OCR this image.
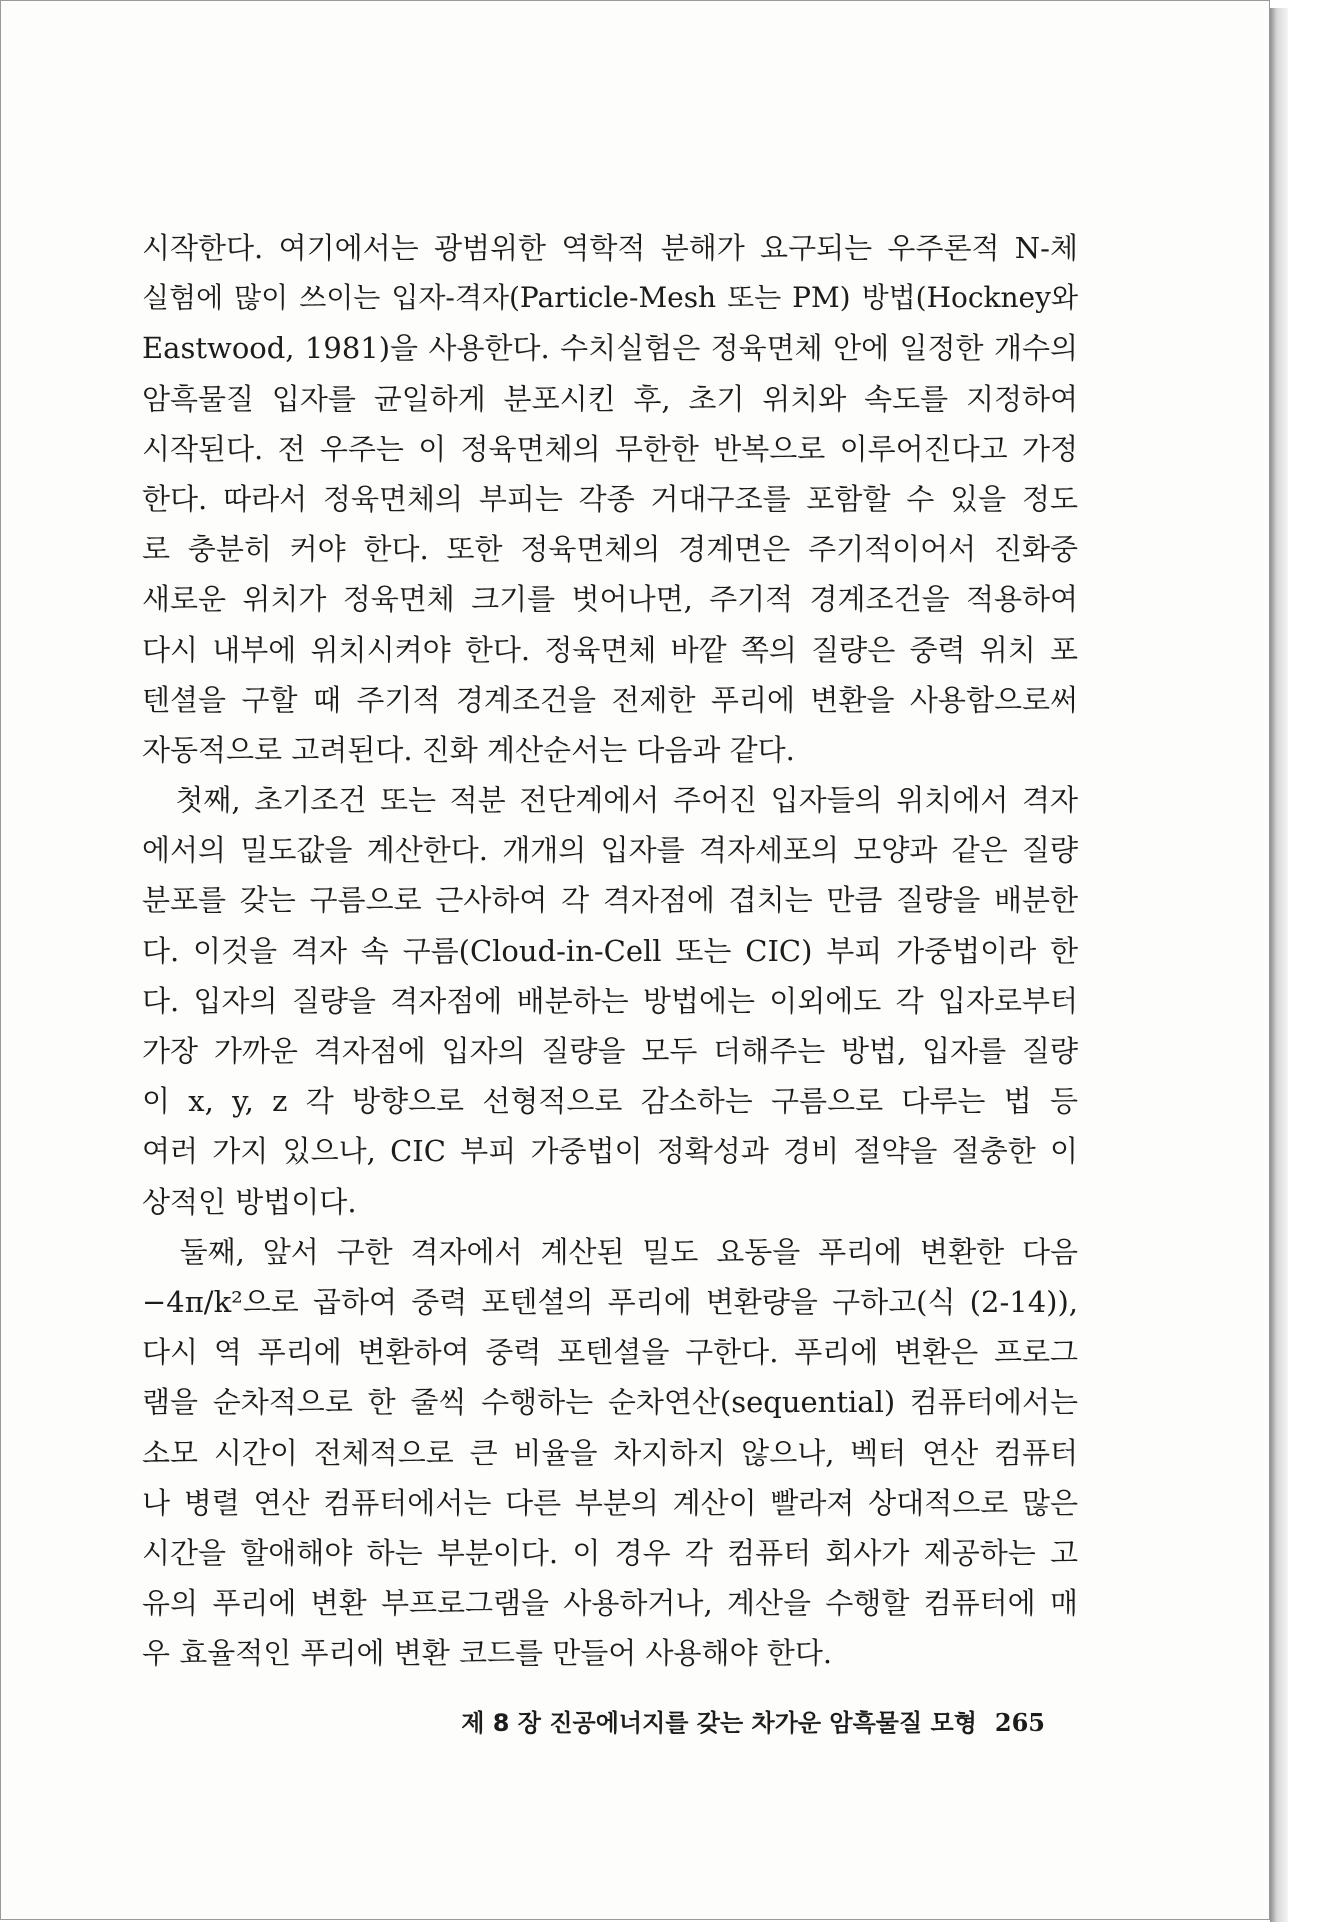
시작한다. 여기에서는 광범위한 역학적 분해가 요구되는 우주론적 N-체
실험에 많이 쓰이는 입자-격자(Particle-Mesh 또는 PM) 방법(Hockney와
Eastwood, 1981)을 사용한다. 수치실험은 정육면체 안에 일정한 개수의
암흑물질 입자를 균일하게 분포시킨 후, 초기 위치와 속도를 지정하여
시작된다. 전 우주는 이 정육면체의 무한한 반복으로 이루어진다고 가정
한다. 따라서 정육면체의 부피는 각종 거대구조를 포함할 수 있을 정도
로 충분히 커야 한다. 또한 정육면체의 경계면은 주기적이어서 진화중
새로운 위치가 정육면체 크기를 벗어나면, 주기적 경계조건을 적용하여
다시 내부에 위치시켜야 한다. 정육면체 바깥 쪽의 질량은 중력 위치 포
텐셜을 구할 때 주기적 경계조건을 전제한 푸리에 변환을 사용함으로써
자동적으로 고려된다. 진화 계산순서는 다음과 같다.
　첫째, 초기조건 또는 적분 전단계에서 주어진 입자들의 위치에서 격자
에서의 밀도값을 계산한다. 개개의 입자를 격자세포의 모양과 같은 질량
분포를 갖는 구름으로 근사하여 각 격자점에 겹치는 만큼 질량을 배분한
다. 이것을 격자 속 구름(Cloud-in-Cell 또는 CIC) 부피 가중법이라 한
다. 입자의 질량을 격자점에 배분하는 방법에는 이외에도 각 입자로부터
가장 가까운 격자점에 입자의 질량을 모두 더해주는 방법, 입자를 질량
이 x, y, z 각 방향으로 선형적으로 감소하는 구름으로 다루는 법 등
여러 가지 있으나, CIC 부피 가중법이 정확성과 경비 절약을 절충한 이
상적인 방법이다.
　둘째, 앞서 구한 격자에서 계산된 밀도 요동을 푸리에 변환한 다음
−4π/k²으로 곱하여 중력 포텐셜의 푸리에 변환량을 구하고(식 (2-14)),
다시 역 푸리에 변환하여 중력 포텐셜을 구한다. 푸리에 변환은 프로그
램을 순차적으로 한 줄씩 수행하는 순차연산(sequential) 컴퓨터에서는
소모 시간이 전체적으로 큰 비율을 차지하지 않으나, 벡터 연산 컴퓨터
나 병렬 연산 컴퓨터에서는 다른 부분의 계산이 빨라져 상대적으로 많은
시간을 할애해야 하는 부분이다. 이 경우 각 컴퓨터 회사가 제공하는 고
유의 푸리에 변환 부프로그램을 사용하거나, 계산을 수행할 컴퓨터에 매
우 효율적인 푸리에 변환 코드를 만들어 사용해야 한다.
제 8 장 진공에너지를 갖는 차가운 암흑물질 모형 265
